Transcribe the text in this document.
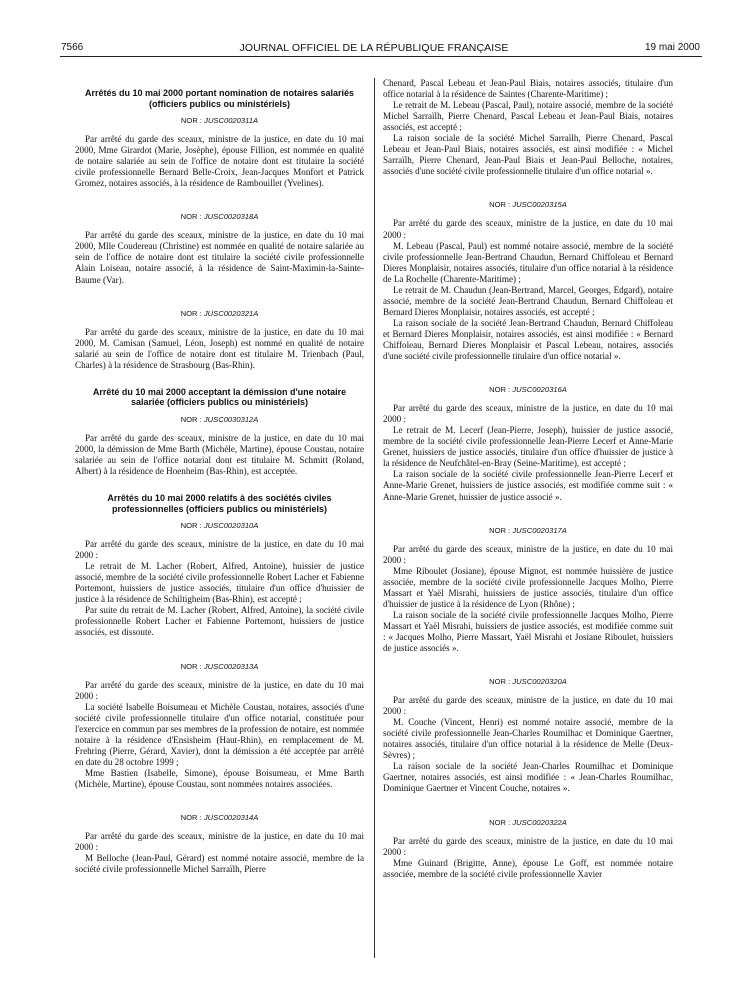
7566	JOURNAL OFFICIEL DE LA RÉPUBLIQUE FRANÇAISE	19 mai 2000
Arrêtés du 10 mai 2000 portant nomination de notaires salariés (officiers publics ou ministériels)
NOR : JUSC0020311A

Par arrêté du garde des sceaux, ministre de la justice, en date du 10 mai 2000, Mme Girardot (Marie, Josèphe), épouse Fillion, est nommée en qualité de notaire salariée au sein de l'office de notaire dont est titulaire la société civile professionnelle Bernard Belle-Croix, Jean-Jacques Monfort et Patrick Gromez, notaires associés, à la résidence de Rambouillet (Yvelines).

NOR : JUSC0020318A

Par arrêté du garde des sceaux, ministre de la justice, en date du 10 mai 2000, Mlle Coudereau (Christine) est nommée en qualité de notaire salariée au sein de l'office de notaire dont est titulaire la société civile professionnelle Alain Loiseau, notaire associé, à la résidence de Saint-Maximin-la-Sainte-Baume (Var).

NOR : JUSC0020321A

Par arrêté du garde des sceaux, ministre de la justice, en date du 10 mai 2000, M. Camisan (Samuel, Léon, Joseph) est nommé en qualité de notaire salarié au sein de l'office de notaire dont est titulaire M. Trienbach (Paul, Charles) à la résidence de Strasbourg (Bas-Rhin).

Arrêté du 10 mai 2000 acceptant la démission d'une notaire salariée (officiers publics ou ministériels)
NOR : JUSC0030312A

Par arrêté du garde des sceaux, ministre de la justice, en date du 10 mai 2000, la démission de Mme Barth (Michèle, Martine), épouse Coustau, notaire salariée au sein de l'office notarial dont est titulaire M. Schmitt (Roland, Albert) à la résidence de Hoenheim (Bas-Rhin), est acceptée.

Arrêtés du 10 mai 2000 relatifs à des sociétés civiles professionnelles (officiers publics ou ministériels)
NOR : JUSC0020310A

Par arrêté du garde des sceaux, ministre de la justice, en date du 10 mai 2000 :

Le retrait de M. Lacher (Robert, Alfred, Antoine), huissier de justice associé, membre de la société civile professionnelle Robert Lacher et Fabienne Portemont, huissiers de justice associés, titulaire d'un office d'huissier de justice à la résidence de Schiltigheim (Bas-Rhin), est accepté ;

Par suite du retrait de M. Lacher (Robert, Alfred, Antoine), la société civile professionnelle Robert Lacher et Fabienne Portemont, huissiers de justice associés, est dissoute.

NOR : JUSC0020313A

Par arrêté du garde des sceaux, ministre de la justice, en date du 10 mai 2000 :

La société Isabelle Boisumeau et Michèle Coustau, notaires, associés d'une société civile professionnelle titulaire d'un office notarial, constituée pour l'exercice en commun par ses membres de la profession de notaire, est nommée notaire à la résidence d'Ensisheim (Haut-Rhin), en remplacement de M. Frehring (Pierre, Gérard, Xavier), dont la démission a été acceptée par arrêté en date du 28 octobre 1999 ;

Mme Bastien (Isabelle, Simone), épouse Boisumeau, et Mme Barth (Michèle, Martine), épouse Coustau, sont nommées notaires associées.

NOR : JUSC0020314A

Par arrêté du garde des sceaux, ministre de la justice, en date du 10 mai 2000 :

M Belloche (Jean-Paul, Gérard) est nommé notaire associé, membre de la société civile professionnelle Michel Sarraïlh, Pierre

Chenard, Pascal Lebeau et Jean-Paul Biais, notaires associés, titulaire d'un office notarial à la résidence de Saintes (Charente-Maritime) ;

Le retrait de M. Lebeau (Pascal, Paul), notaire associé, membre de la société Michel Sarraïlh, Pierre Chenard, Pascal Lebeau et Jean-Paul Biais, notaires associés, est accepté ;

La raison sociale de la société Michel Sarraïlh, Pierre Chenard, Pascal Lebeau et Jean-Paul Biais, notaires associés, est ainsi modifiée : « Michel Sarraïlh, Pierre Chenard, Jean-Paul Biais et Jean-Paul Belloche, notaires, associés d'une société civile professionnelle titulaire d'un office notarial ».

NOR : JUSC0020315A

Par arrêté du garde des sceaux, ministre de la justice, en date du 10 mai 2000 :

M. Lebeau (Pascal, Paul) est nommé notaire associé, membre de la société civile professionnelle Jean-Bertrand Chaudun, Bernard Chiffoleau et Bernard Dieres Monplaisir, notaires associés, titulaire d'un office notarial à la résidence de La Rochelle (Charente-Maritime) ;

Le retrait de M. Chaudun (Jean-Bertrand, Marcel, Georges, Edgard), notaire associé, membre de la société Jean-Bertrand Chaudun, Bernard Chiffoleau et Bernard Dieres Monplaisir, notaires associés, est accepté ;

La raison sociale de la société Jean-Bertrand Chaudun, Bernard Chiffoleau et Bernard Dieres Monplaisir, notaires associés, est ainsi modifiée : « Bernard Chiffoleau, Bernard Dieres Monplaisir et Pascal Lebeau, notaires, associés d'une société civile professionnelle titulaire d'un office notarial ».

NOR : JUSC0020316A

Par arrêté du garde des sceaux, ministre de la justice, en date du 10 mai 2000 :

Le retrait de M. Lecerf (Jean-Pierre, Joseph), huissier de justice associé, membre de la société civile professionnelle Jean-Pierre Lecerf et Anne-Marie Grenet, huissiers de justice associés, titulaire d'un office d'huissier de justice à la résidence de Neufchâtel-en-Bray (Seine-Maritime), est accepté ;

La raison sociale de la société civile professionnelle Jean-Pierre Lecerf et Anne-Marie Grenet, huissiers de justice associés, est modifiée comme suit : « Anne-Marie Grenet, huissier de justice associé ».

NOR : JUSC0020317A

Par arrêté du garde des sceaux, ministre de la justice, en date du 10 mai 2000 :

Mme Riboulet (Josiane), épouse Mignot, est nommée huissière de justice associée, membre de la société civile professionnelle Jacques Molho, Pierre Massart et Yaël Misrahi, huissiers de justice associés, titulaire d'un office d'huissier de justice à la résidence de Lyon (Rhône) ;

La raison sociale de la société civile professionnelle Jacques Molho, Pierre Massart et Yaël Misrahi, huissiers de justice associés, est modifiée comme suit : « Jacques Molho, Pierre Massart, Yaël Misrahi et Josiane Riboulet, huissiers de justice associés ».

NOR : JUSC0020320A

Par arrêté du garde des sceaux, ministre de la justice, en date du 10 mai 2000 :

M. Couche (Vincent, Henri) est nommé notaire associé, membre de la société civile professionnelle Jean-Charles Roumilhac et Dominique Gaertner, notaires associés, titulaire d'un office notarial à la résidence de Melle (Deux-Sèvres) ;

La raison sociale de la société Jean-Charles Roumilhac et Dominique Gaertner, notaires associés, est ainsi modifiée : « Jean-Charles Roumilhac, Dominique Gaertner et Vincent Couche, notaires ».

NOR : JUSC0020322A

Par arrêté du garde des sceaux, ministre de la justice, en date du 10 mai 2000 :

Mme Guinard (Brigitte, Anne), épouse Le Goff, est nommée notaire associée, membre de la société civile professionnelle Xavier
